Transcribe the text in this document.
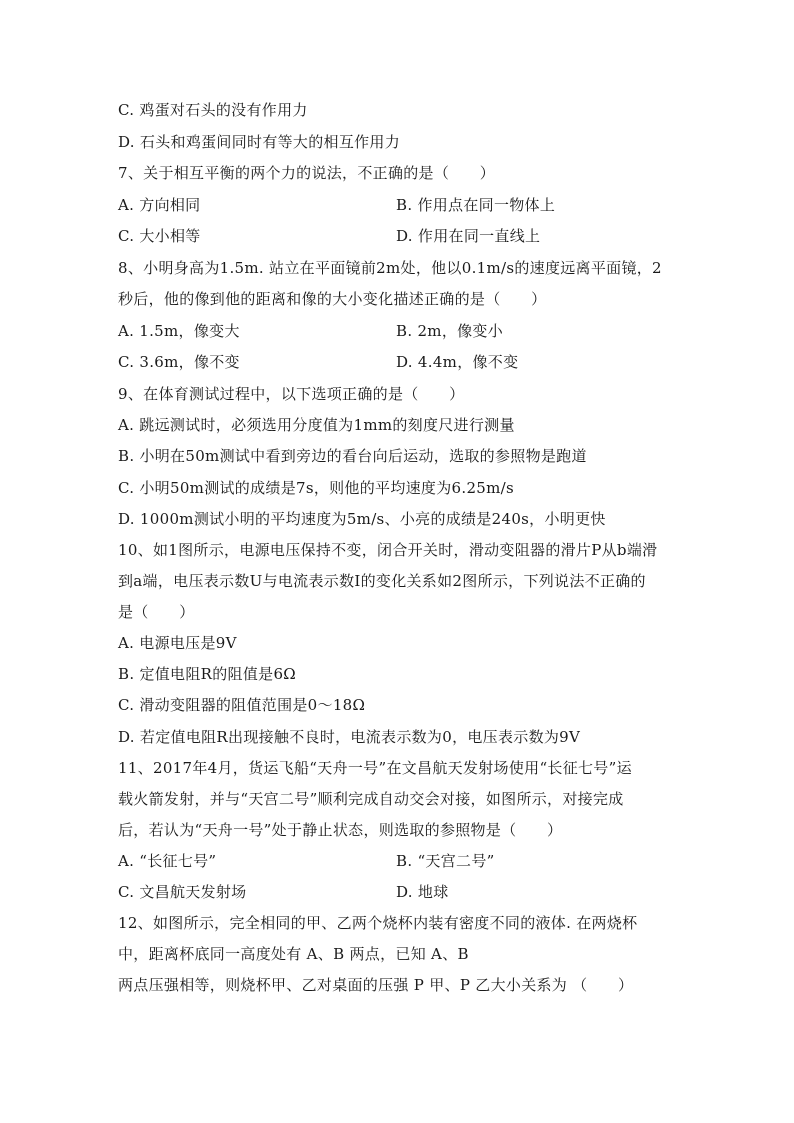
C. 鸡蛋对石头的没有作用力
D. 石头和鸡蛋间同时有等大的相互作用力
7、关于相互平衡的两个力的说法，不正确的是（　　）
A. 方向相同	B. 作用点在同一物体上
C. 大小相等	D. 作用在同一直线上
8、小明身高为1.5m. 站立在平面镜前2m处，他以0.1m/s的速度远离平面镜，2
秒后，他的像到他的距离和像的大小变化描述正确的是（　　）
A. 1.5m，像变大	B. 2m，像变小
C. 3.6m，像不变	D. 4.4m，像不变
9、在体育测试过程中，以下选项正确的是（　　）
A. 跳远测试时，必须选用分度值为1mm的刻度尺进行测量
B. 小明在50m测试中看到旁边的看台向后运动，选取的参照物是跑道
C. 小明50m测试的成绩是7s，则他的平均速度为6.25m/s
D. 1000m测试小明的平均速度为5m/s、小亮的成绩是240s，小明更快
10、如1图所示，电源电压保持不变，闭合开关时，滑动变阻器的滑片P从b端滑
到a端，电压表示数U与电流表示数I的变化关系如2图所示，下列说法不正确的
是（　　）
A. 电源电压是9V
B. 定值电阻R的阻值是6Ω
C. 滑动变阻器的阻值范围是0～18Ω
D. 若定值电阻R出现接触不良时，电流表示数为0，电压表示数为9V
11、2017年4月，货运飞船“天舟一号”在文昌航天发射场使用“长征七号”运
载火箭发射，并与“天宫二号”顺利完成自动交会对接，如图所示，对接完成
后，若认为“天舟一号”处于静止状态，则选取的参照物是（　　）
A. “长征七号”	B. “天宫二号”
C. 文昌航天发射场	D. 地球
12、如图所示，完全相同的甲、乙两个烧杯内装有密度不同的液体. 在两烧杯
中，距离杯底同一高度处有 A、B 两点，已知 A、B
两点压强相等，则烧杯甲、乙对桌面的压强 P 甲、P 乙大小关系为 （　　）
